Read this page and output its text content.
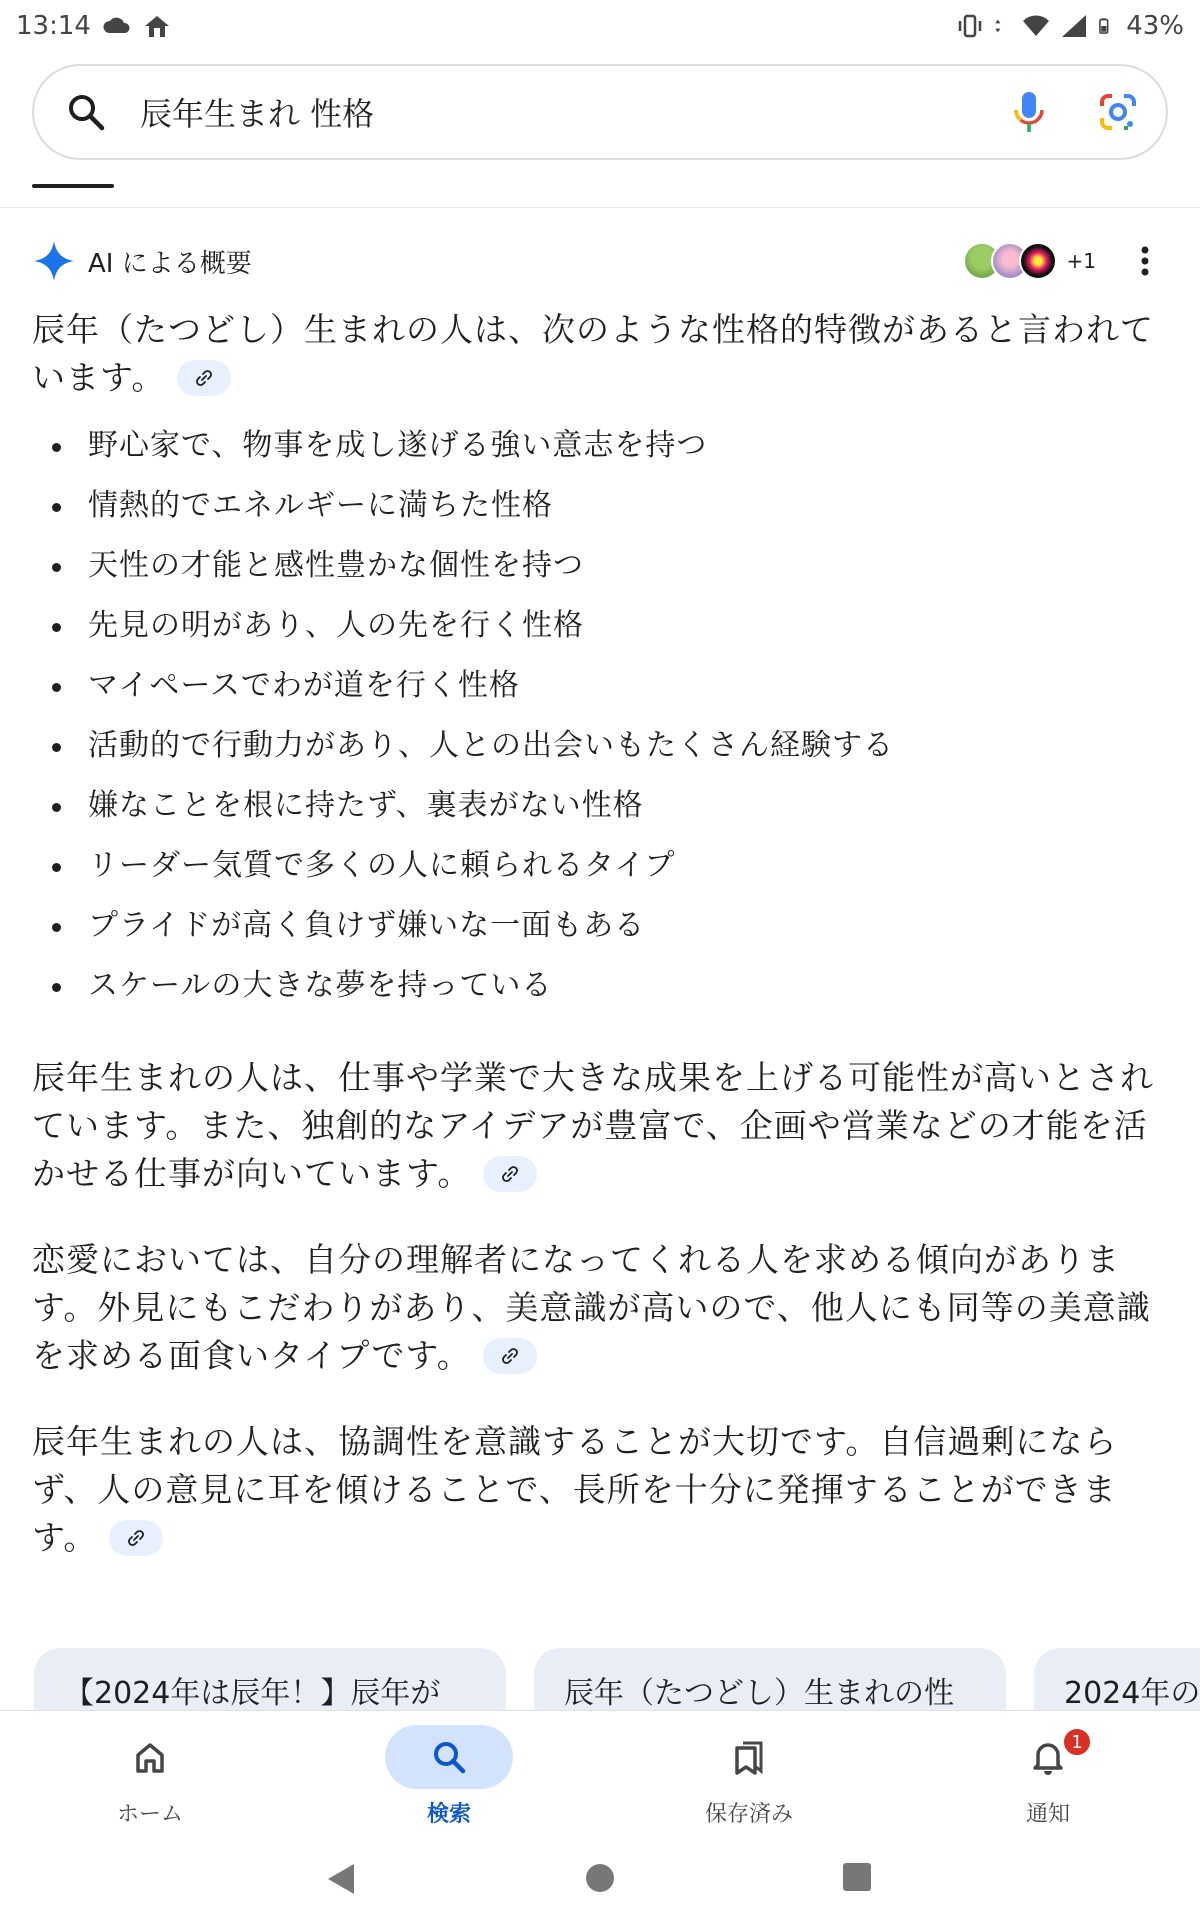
13:14	43%
辰年生まれ 性格
AI による概要	+1

辰年（たつどし）生まれの人は、次のような性格的特徴があると言われています。

野心家で、物事を成し遂げる強い意志を持つ
情熱的でエネルギーに満ちた性格
天性の才能と感性豊かな個性を持つ
先見の明があり、人の先を行く性格
マイペースでわが道を行く性格
活動的で行動力があり、人との出会いもたくさん経験する
嫌なことを根に持たず、裏表がない性格
リーダー気質で多くの人に頼られるタイプ
プライドが高く負けず嫌いな一面もある
スケールの大きな夢を持っている

辰年生まれの人は、仕事や学業で大きな成果を上げる可能性が高いとされています。また、独創的なアイデアが豊富で、企画や営業などの才能を活かせる仕事が向いています。

恋愛においては、自分の理解者になってくれる人を求める傾向があります。外見にもこだわりがあり、美意識が高いので、他人にも同等の美意識を求める面食いタイプです。

辰年生まれの人は、協調性を意識することが大切です。自信過剰にならず、人の意見に耳を傾けることで、長所を十分に発揮することができます。

【2024年は辰年！】辰年が	辰年（たつどし）生まれの性	2024年の
ホーム	検索	保存済み
1
通知
